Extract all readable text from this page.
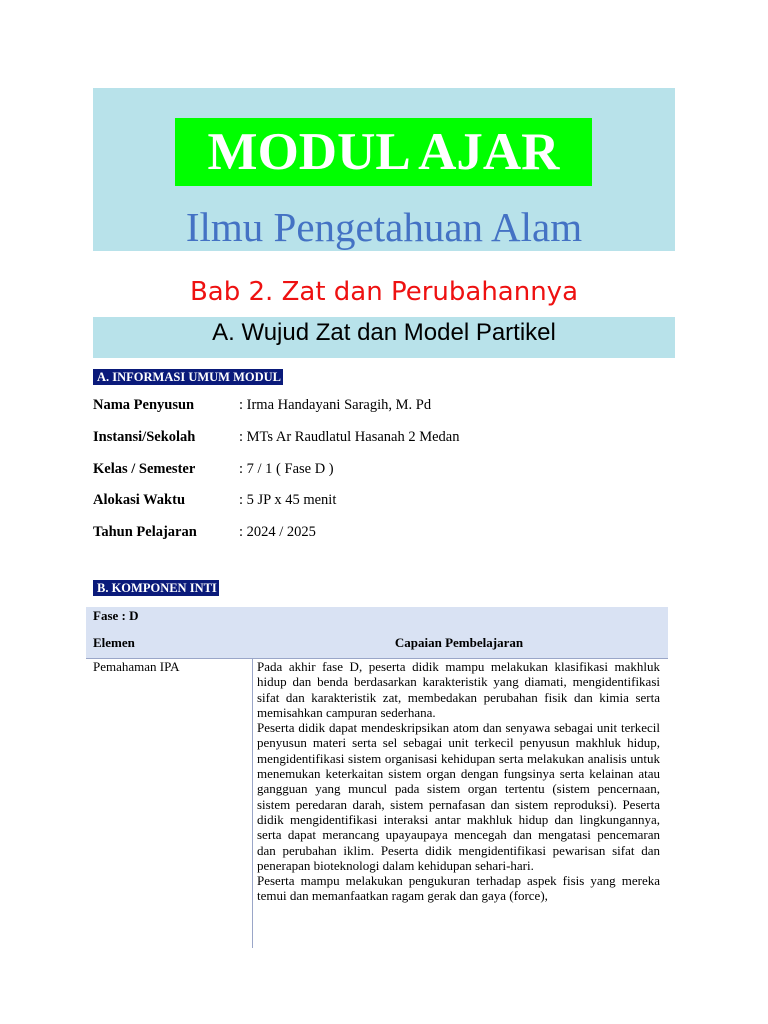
MODUL AJAR
Ilmu Pengetahuan Alam
Bab 2. Zat dan Perubahannya
A. Wujud Zat dan Model Partikel
A. INFORMASI UMUM MODUL
Nama Penyusun	: Irma Handayani Saragih, M. Pd
Instansi/Sekolah	: MTs Ar Raudlatul Hasanah 2 Medan
Kelas / Semester	: 7 / 1 ( Fase D )
Alokasi Waktu	: 5 JP x 45 menit
Tahun Pelajaran	: 2024 / 2025
B. KOMPONEN INTI
Fase : D
Elemen	Capaian Pembelajaran
Pemahaman IPA	Pada akhir fase D, peserta didik mampu melakukan klasifikasi makhluk hidup dan benda berdasarkan karakteristik yang diamati, mengidentifikasi sifat dan karakteristik zat, membedakan perubahan fisik dan kimia serta memisahkan campuran sederhana.

Peserta didik dapat mendeskripsikan atom dan senyawa sebagai unit terkecil penyusun materi serta sel sebagai unit terkecil penyusun makhluk hidup, mengidentifikasi sistem organisasi kehidupan serta melakukan analisis untuk menemukan keterkaitan sistem organ dengan fungsinya serta kelainan atau gangguan yang muncul pada sistem organ tertentu (sistem pencernaan, sistem peredaran darah, sistem pernafasan dan sistem reproduksi). Peserta didik mengidentifikasi interaksi antar makhluk hidup dan lingkungannya, serta dapat merancang upayaupaya mencegah dan mengatasi pencemaran dan perubahan iklim. Peserta didik mengidentifikasi pewarisan sifat dan penerapan bioteknologi dalam kehidupan sehari-hari.

Peserta mampu melakukan pengukuran terhadap aspek fisis yang mereka temui dan memanfaatkan ragam gerak dan gaya (force),
